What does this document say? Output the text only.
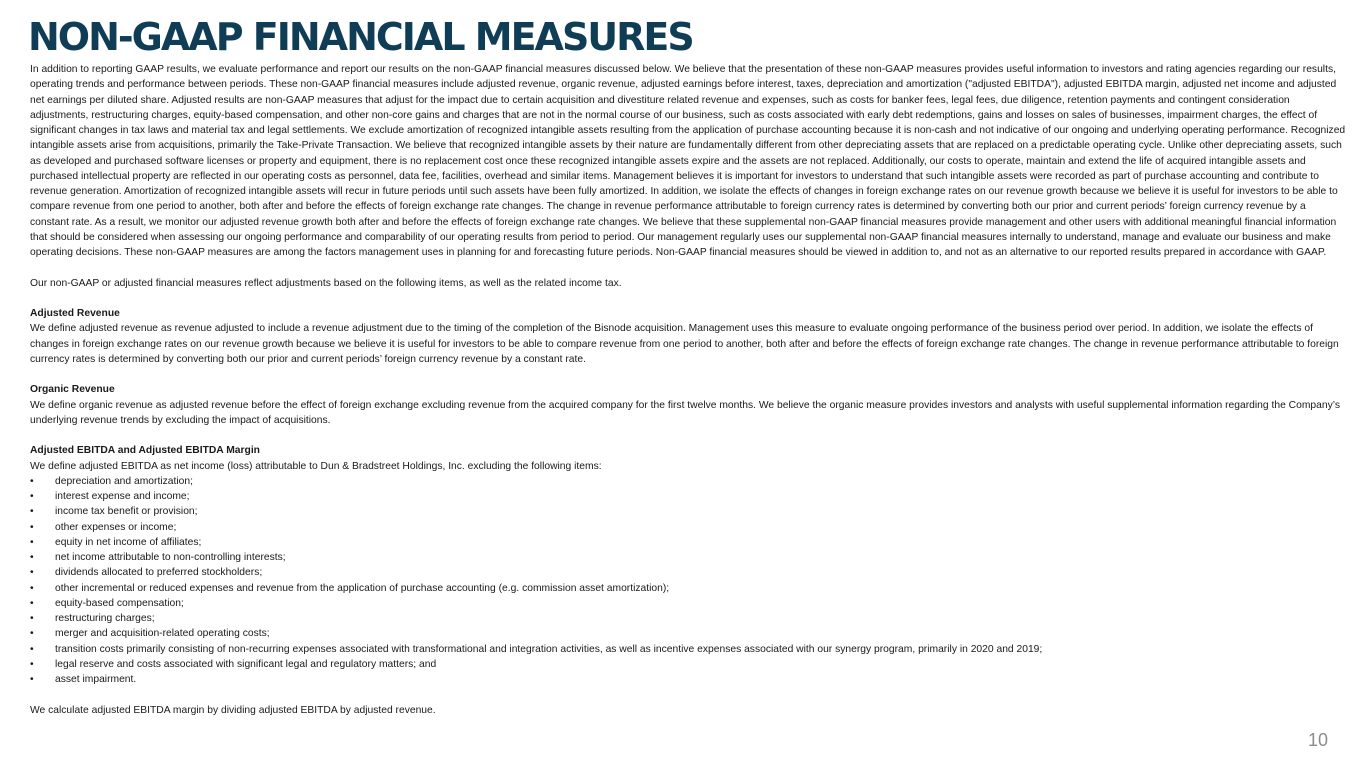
NON-GAAP FINANCIAL MEASURES

In addition to reporting GAAP results, we evaluate performance and report our results on the non-GAAP financial measures discussed below. We believe that the presentation of these non-GAAP measures provides useful information to investors and rating agencies regarding our results, operating trends and performance between periods. These non-GAAP financial measures include adjusted revenue, organic revenue, adjusted earnings before interest, taxes, depreciation and amortization ("adjusted EBITDA"), adjusted EBITDA margin, adjusted net income and adjusted net earnings per diluted share. Adjusted results are non-GAAP measures that adjust for the impact due to certain acquisition and divestiture related revenue and expenses, such as costs for banker fees, legal fees, due diligence, retention payments and contingent consideration adjustments, restructuring charges, equity-based compensation, and other non-core gains and charges that are not in the normal course of our business, such as costs associated with early debt redemptions, gains and losses on sales of businesses, impairment charges, the effect of significant changes in tax laws and material tax and legal settlements. We exclude amortization of recognized intangible assets resulting from the application of purchase accounting because it is non-cash and not indicative of our ongoing and underlying operating performance. Recognized intangible assets arise from acquisitions, primarily the Take-Private Transaction. We believe that recognized intangible assets by their nature are fundamentally different from other depreciating assets that are replaced on a predictable operating cycle. Unlike other depreciating assets, such as developed and purchased software licenses or property and equipment, there is no replacement cost once these recognized intangible assets expire and the assets are not replaced. Additionally, our costs to operate, maintain and extend the life of acquired intangible assets and purchased intellectual property are reflected in our operating costs as personnel, data fee, facilities, overhead and similar items. Management believes it is important for investors to understand that such intangible assets were recorded as part of purchase accounting and contribute to revenue generation. Amortization of recognized intangible assets will recur in future periods until such assets have been fully amortized. In addition, we isolate the effects of changes in foreign exchange rates on our revenue growth because we believe it is useful for investors to be able to compare revenue from one period to another, both after and before the effects of foreign exchange rate changes. The change in revenue performance attributable to foreign currency rates is determined by converting both our prior and current periods’ foreign currency revenue by a constant rate. As a result, we monitor our adjusted revenue growth both after and before the effects of foreign exchange rate changes. We believe that these supplemental non-GAAP financial measures provide management and other users with additional meaningful financial information that should be considered when assessing our ongoing performance and comparability of our operating results from period to period. Our management regularly uses our supplemental non-GAAP financial measures internally to understand, manage and evaluate our business and make operating decisions. These non-GAAP measures are among the factors management uses in planning for and forecasting future periods. Non-GAAP financial measures should be viewed in addition to, and not as an alternative to our reported results prepared in accordance with GAAP.

Our non-GAAP or adjusted financial measures reflect adjustments based on the following items, as well as the related income tax.

Adjusted Revenue

We define adjusted revenue as revenue adjusted to include a revenue adjustment due to the timing of the completion of the Bisnode acquisition. Management uses this measure to evaluate ongoing performance of the business period over period. In addition, we isolate the effects of changes in foreign exchange rates on our revenue growth because we believe it is useful for investors to be able to compare revenue from one period to another, both after and before the effects of foreign exchange rate changes. The change in revenue performance attributable to foreign currency rates is determined by converting both our prior and current periods’ foreign currency revenue by a constant rate.

Organic Revenue

We define organic revenue as adjusted revenue before the effect of foreign exchange excluding revenue from the acquired company for the first twelve months. We believe the organic measure provides investors and analysts with useful supplemental information regarding the Company’s underlying revenue trends by excluding the impact of acquisitions.

Adjusted EBITDA and Adjusted EBITDA Margin

We define adjusted EBITDA as net income (loss) attributable to Dun & Bradstreet Holdings, Inc. excluding the following items:

• depreciation and amortization;
• interest expense and income;
• income tax benefit or provision;
• other expenses or income;
• equity in net income of affiliates;
• net income attributable to non-controlling interests;
• dividends allocated to preferred stockholders;
• other incremental or reduced expenses and revenue from the application of purchase accounting (e.g. commission asset amortization);
• equity-based compensation;
• restructuring charges;
• merger and acquisition-related operating costs;
• transition costs primarily consisting of non-recurring expenses associated with transformational and integration activities, as well as incentive expenses associated with our synergy program, primarily in 2020 and 2019;
• legal reserve and costs associated with significant legal and regulatory matters; and
• asset impairment.

We calculate adjusted EBITDA margin by dividing adjusted EBITDA by adjusted revenue.

10
